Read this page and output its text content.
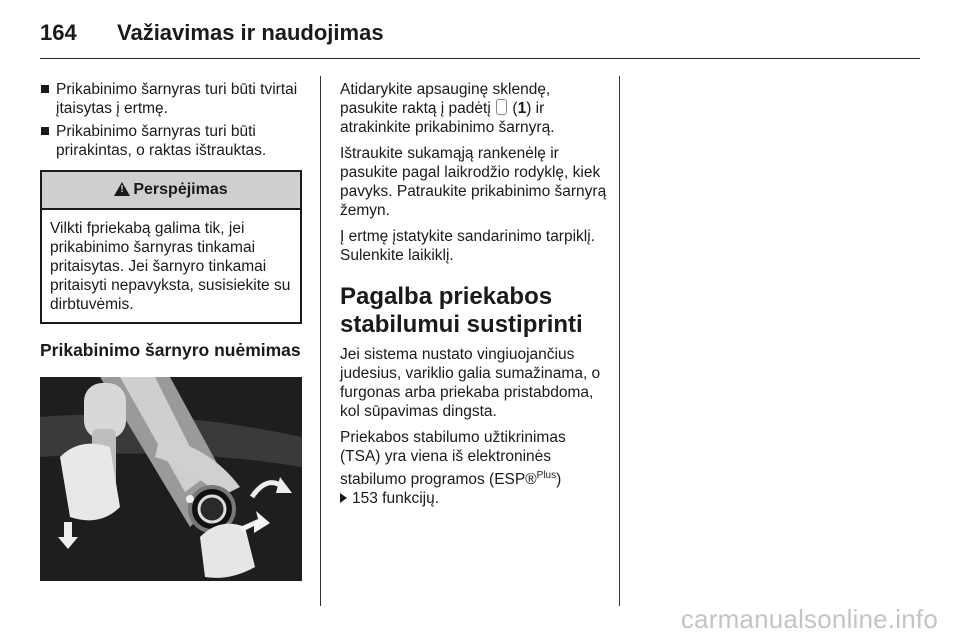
164 Važiavimas ir naudojimas
Prikabinimo šarnyras turi būti tvirtai įtaisytas į ertmę.
Prikabinimo šarnyras turi būti prirakintas, o raktas ištrauktas.
!
Perspėjimas
Vilkti fpriekabą galima tik, jei prikabinimo šarnyras tinkamai pritaisytas. Jei šarnyro tinkamai pritaisyti nepavyksta, susisiekite su dirbtuvėmis.
Prikabinimo šarnyro nuėmimas
Atidarykite apsauginę sklendę, pasukite raktą į padėtį  (1) ir atrakinkite prikabinimo šarnyrą.
Ištraukite sukamąją rankenėlę ir pasukite pagal laikrodžio rodyklę, kiek pavyks. Patraukite prikabinimo šarnyrą žemyn.
Į ertmę įstatykite sandarinimo tarpiklį. Sulenkite laikiklį.
Pagalba priekabos stabilumui sustiprinti
Jei sistema nustato vingiuojančius judesius, variklio galia sumažinama, o furgonas arba priekaba pristabdoma, kol sūpavimas dingsta.
Priekabos stabilumo užtikrinimas (TSA) yra viena iš elektroninės stabilumo programos (ESP®$^{Plus}$)
153 funkcijų.
carmanualsonline.info
